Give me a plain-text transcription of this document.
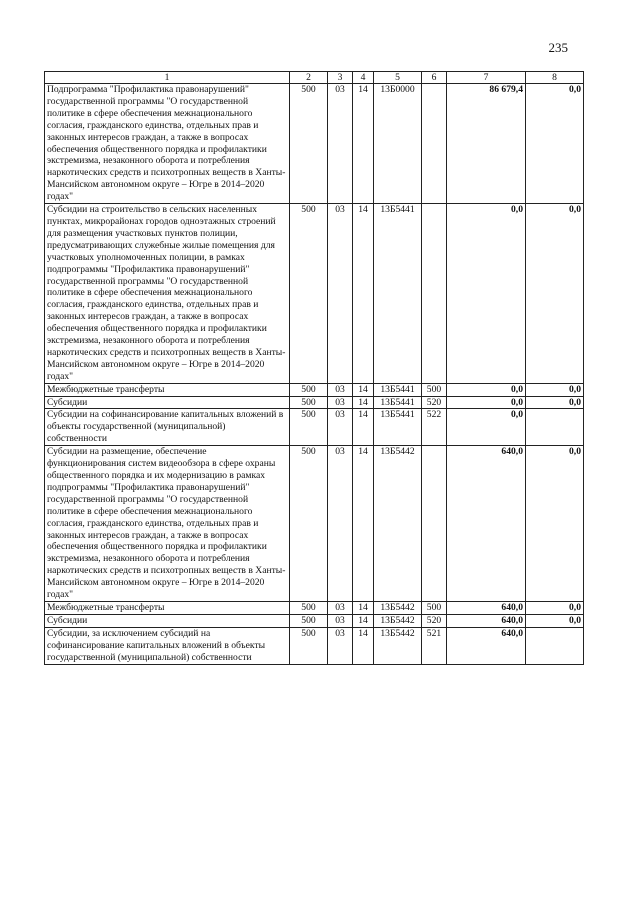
235
1	2	3	4	5	6	7	8
Подпрограмма "Профилактика правонарушений" государственной программы "О государственной политике в сфере обеспечения межнационального согласия, гражданского единства, отдельных прав и законных интересов граждан, а также в вопросах обеспечения общественного порядка и профилактики экстремизма, незаконного оборота и потребления наркотических средств и психотропных веществ в Ханты-Мансийском автономном округе – Югре в 2014–2020 годах"	500	03	14	13Б0000		86 679,4	0,0
Субсидии на строительство в сельских населенных пунктах, микрорайонах городов одноэтажных строений для размещения участковых пунктов полиции, предусматривающих служебные жилые помещения для участковых уполномоченных полиции, в рамках подпрограммы "Профилактика правонарушений" государственной программы "О государственной политике в сфере обеспечения межнационального согласия, гражданского единства, отдельных прав и законных интересов граждан, а также в вопросах обеспечения общественного порядка и профилактики экстремизма, незаконного оборота и потребления наркотических средств и психотропных веществ в Ханты-Мансийском автономном округе – Югре в 2014–2020 годах"	500	03	14	13Б5441		0,0	0,0
Межбюджетные трансферты	500	03	14	13Б5441	500	0,0	0,0
Субсидии	500	03	14	13Б5441	520	0,0	0,0
Субсидии на софинансирование капитальных вложений в объекты государственной (муниципальной) собственности	500	03	14	13Б5441	522	0,0	
Субсидии на размещение, обеспечение функционирования систем видеообзора в сфере охраны общественного порядка и их модернизацию в рамках подпрограммы "Профилактика правонарушений" государственной программы "О государственной политике в сфере обеспечения межнационального согласия, гражданского единства, отдельных прав и законных интересов граждан, а также в вопросах обеспечения общественного порядка и профилактики экстремизма, незаконного оборота и потребления наркотических средств и психотропных веществ в Ханты-Мансийском автономном округе – Югре в 2014–2020 годах"	500	03	14	13Б5442		640,0	0,0
Межбюджетные трансферты	500	03	14	13Б5442	500	640,0	0,0
Субсидии	500	03	14	13Б5442	520	640,0	0,0
Субсидии, за исключением субсидий на софинансирование капитальных вложений в объекты государственной (муниципальной) собственности	500	03	14	13Б5442	521	640,0	
